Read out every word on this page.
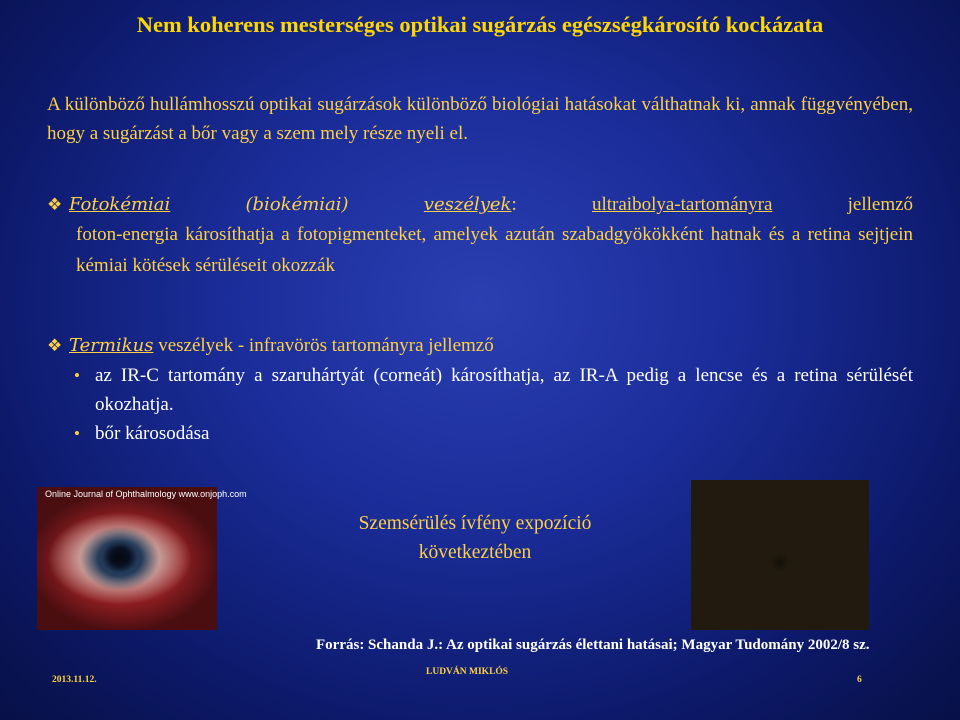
Nem koherens mesterséges optikai sugárzás egészségkárosító kockázata
A különböző hullámhosszú optikai sugárzások különböző biológiai hatásokat válthatnak ki, annak függvényében, hogy a sugárzást a bőr vagy a szem mely része nyeli el.
❖ Fotokémiai	(biokémiai)	veszélyek:	ultraibolya-tartományra	jellemző
foton-energia károsíthatja a fotopigmenteket, amelyek azután szabadgyökökként hatnak és a retina sejtjein kémiai kötések sérüléseit okozzák
❖ Termikus veszélyek - infravörös tartományra jellemző
• az IR-C tartomány a szaruhártyát (corneát) károsíthatja, az IR-A pedig a lencse és a retina sérülését okozhatja.
• bőr károsodása
Online Journal of Ophthalmology www.onjoph.com
Szemsérülés ívfény expozíció következtében
Forrás: Schanda J.: Az optikai sugárzás élettani hatásai; Magyar Tudomány 2002/8 sz.
2013.11.12.
LUDVÁN MIKLÓS
6
